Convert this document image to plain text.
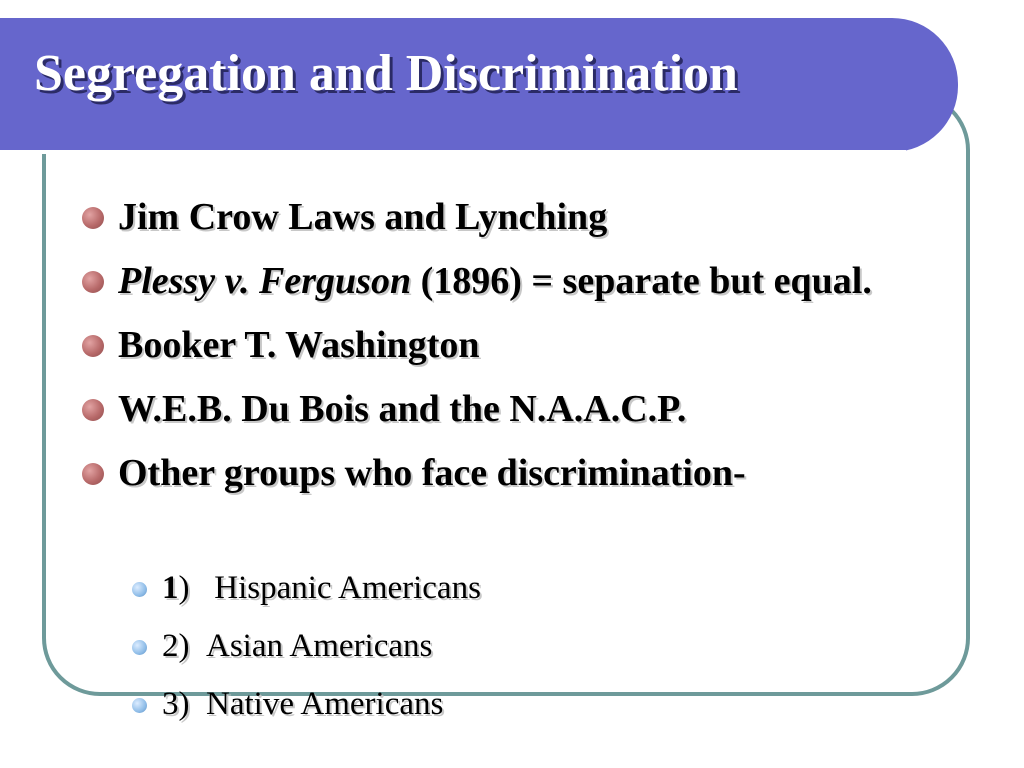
Segregation and Discrimination
Jim Crow Laws and Lynching
Plessy v. Ferguson (1896) = separate but equal.
Booker T. Washington
W.E.B. Du Bois and the N.A.A.C.P.
Other groups who face discrimination-
1) Hispanic Americans
2) Asian Americans
3) Native Americans
